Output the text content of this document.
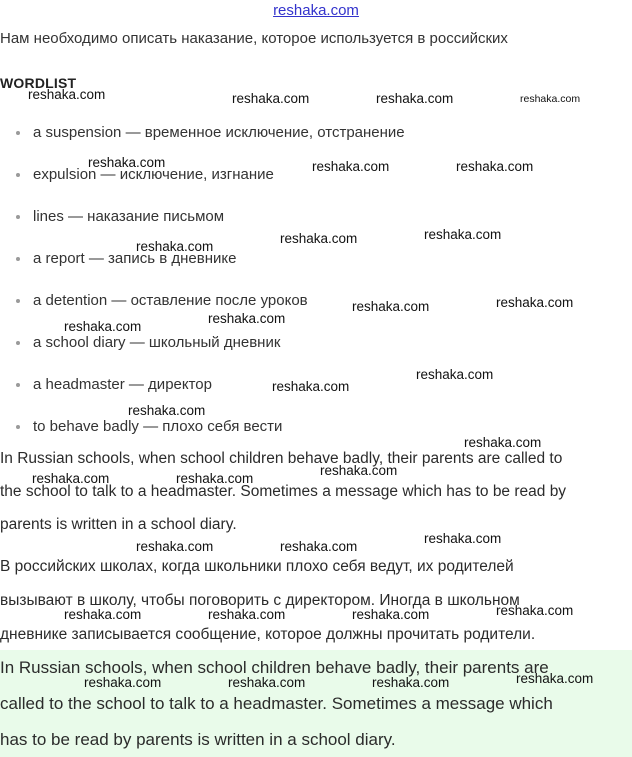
reshaka.com
Нам необходимо описать наказание, которое используется в российских
WORDLIST
a suspension — временное исключение, отстранение
expulsion — исключение, изгнание
lines — наказание письмом
a report — запись в дневнике
a detention — оставление после уроков
a school diary — школьный дневник
a headmaster — директор
to behave badly — плохо себя вести
In Russian schools, when school children behave badly, their parents are called to
the school to talk to a headmaster. Sometimes a message which has to be read by
parents is written in a school diary.
В российских школах, когда школьники плохо себя ведут, их родителей
вызывают в школу, чтобы поговорить с директором. Иногда в школьном
дневнике записывается сообщение, которое должны прочитать родители.
In Russian schools, when school children behave badly, their parents are
called to the school to talk to a headmaster. Sometimes a message which
has to be read by parents is written in a school diary.
reshaka.com	reshaka.com	reshaka.com	reshaka.com
reshaka.com	reshaka.com	reshaka.com
reshaka.com
reshaka.com	reshaka.com
reshaka.com	reshaka.com
reshaka.com
reshaka.com
reshaka.com
reshaka.com
reshaka.com
reshaka.com
reshaka.com
reshaka.com	reshaka.com
reshaka.com	reshaka.com
reshaka.com
reshaka.com	reshaka.com	reshaka.com	reshaka.com
reshaka.com	reshaka.com	reshaka.com	reshaka.com
